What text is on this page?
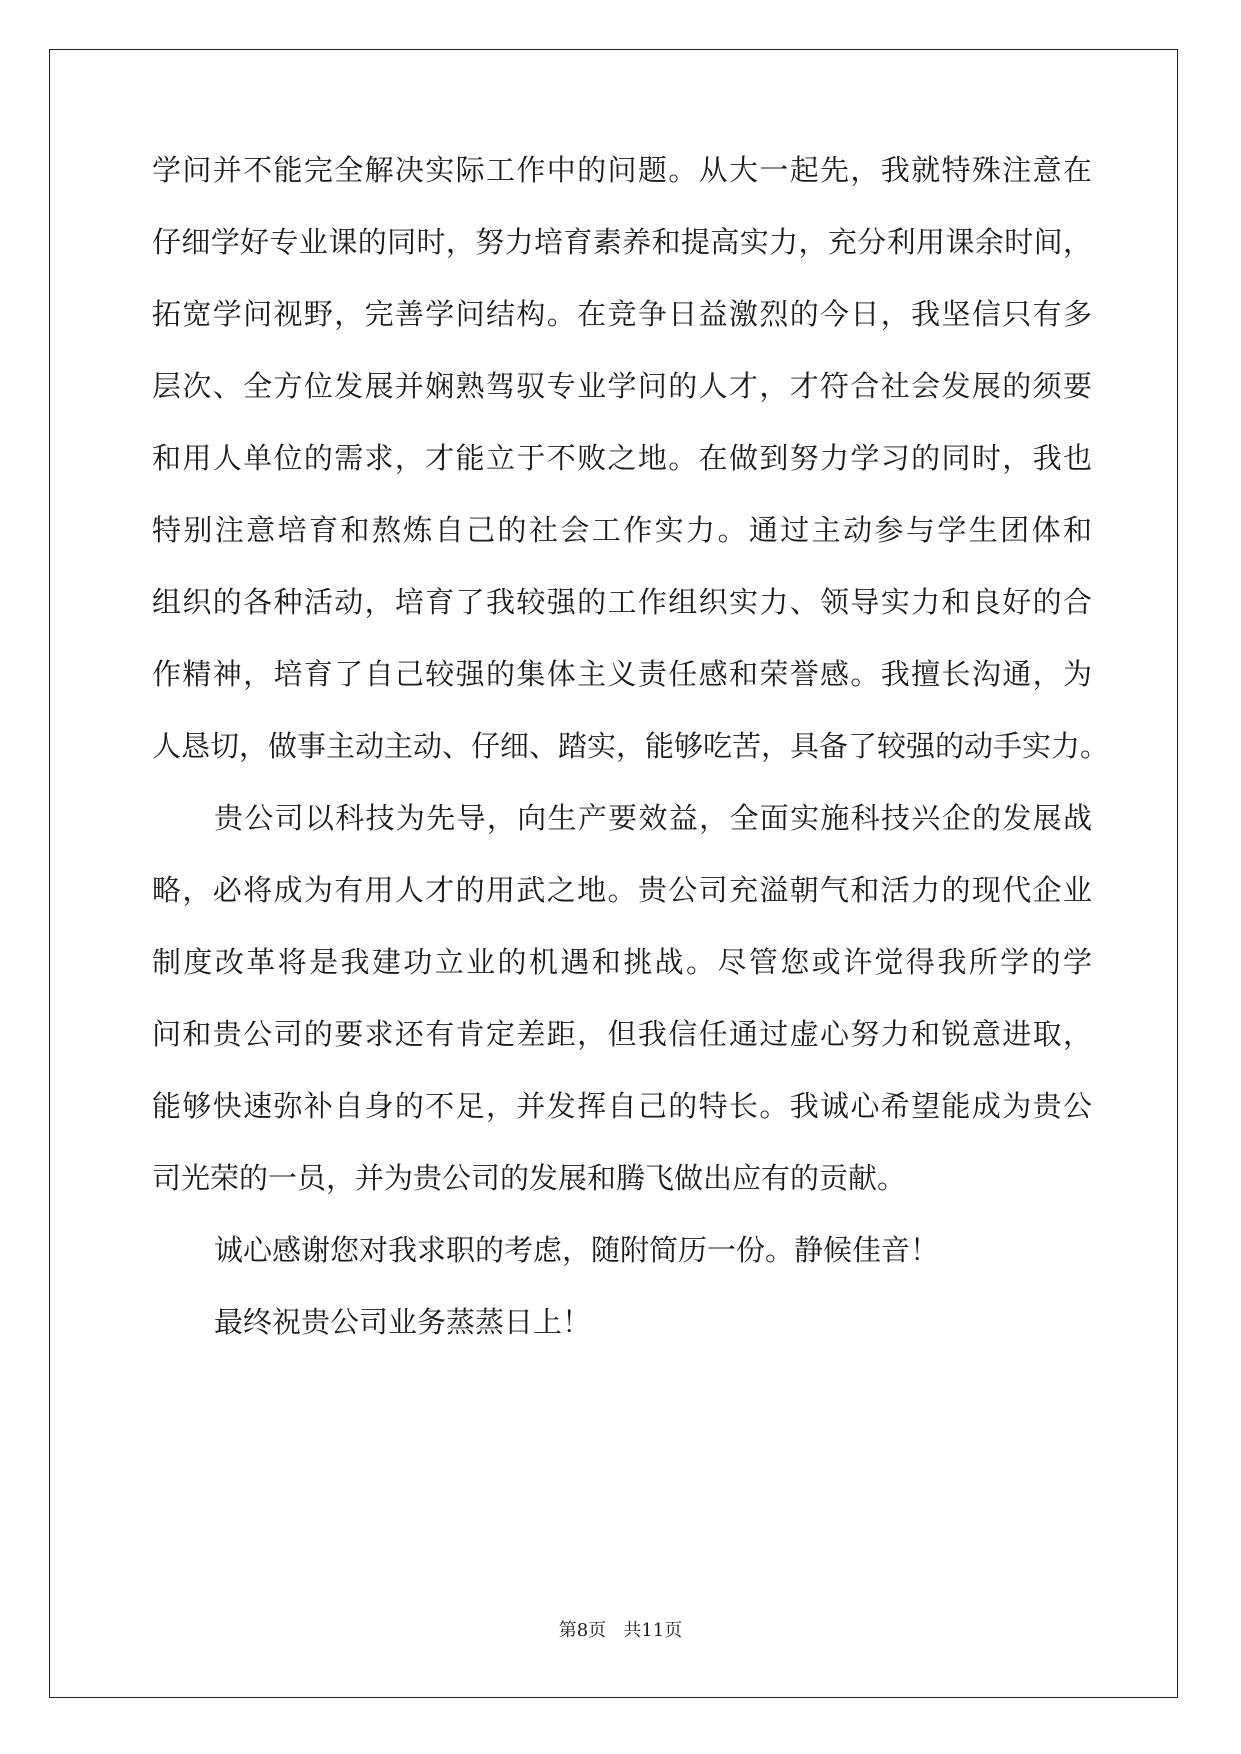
学问并不能完全解决实际工作中的问题。从大一起先，我就特殊注意在
仔细学好专业课的同时，努力培育素养和提高实力，充分利用课余时间，
拓宽学问视野，完善学问结构。在竞争日益激烈的今日，我坚信只有多
层次、全方位发展并娴熟驾驭专业学问的人才，才符合社会发展的须要
和用人单位的需求，才能立于不败之地。在做到努力学习的同时，我也
特别注意培育和熬炼自己的社会工作实力。通过主动参与学生团体和
组织的各种活动，培育了我较强的工作组织实力、领导实力和良好的合
作精神，培育了自己较强的集体主义责任感和荣誉感。我擅长沟通，为
人恳切，做事主动主动、仔细、踏实，能够吃苦，具备了较强的动手实力。
贵公司以科技为先导，向生产要效益，全面实施科技兴企的发展战
略，必将成为有用人才的用武之地。贵公司充溢朝气和活力的现代企业
制度改革将是我建功立业的机遇和挑战。尽管您或许觉得我所学的学
问和贵公司的要求还有肯定差距，但我信任通过虚心努力和锐意进取，
能够快速弥补自身的不足，并发挥自己的特长。我诚心希望能成为贵公
司光荣的一员，并为贵公司的发展和腾飞做出应有的贡献。
诚心感谢您对我求职的考虑，随附简历一份。静候佳音！
最终祝贵公司业务蒸蒸日上！
第8页 共11页
